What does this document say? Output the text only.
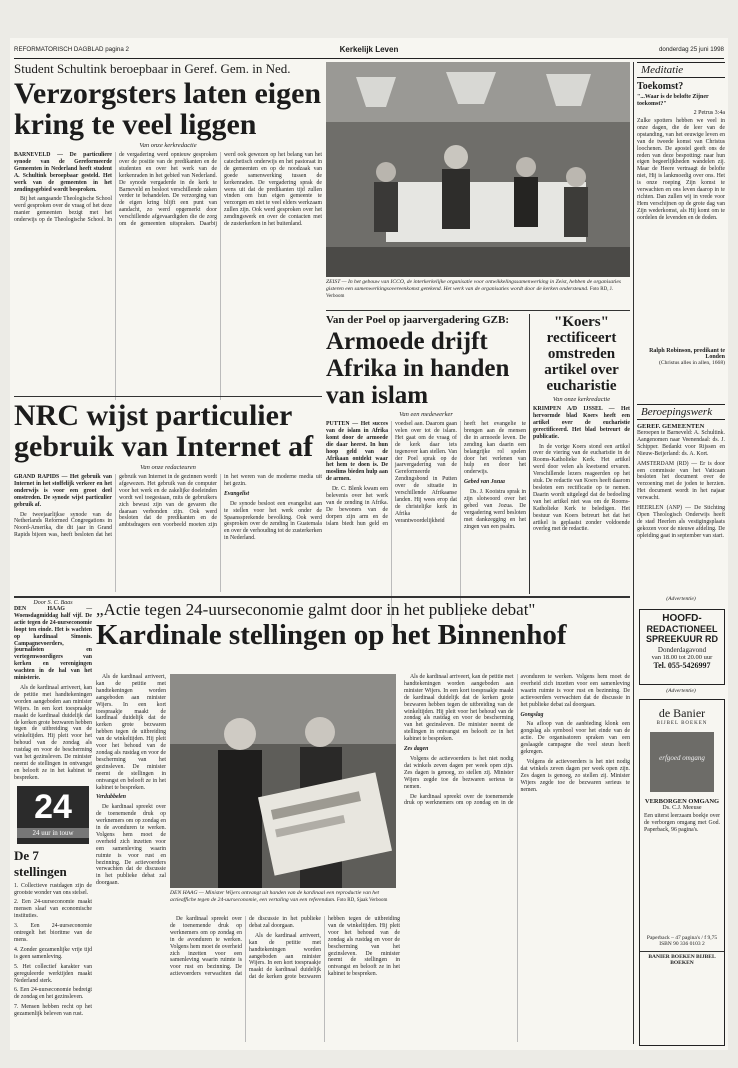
REFORMATORISCH DAGBLAD pagina 2	Kerkelijk Leven	donderdag 25 juni 1998
Student Schultink beroepbaar in Geref. Gem. in Ned.
Verzorgsters laten eigen kring te veel liggen
Van onze kerkredactie

BARNEVELD — De particuliere synode van de Gereformeerde Gemeenten in Nederland heeft student A. Schultink beroepbaar gesteld. Het werk van de gemeenten in het zendingsgebied wordt besproken.

Bij het aangaande Theologische School werd gesproken over de vraag of het deze manier gemeenten bezigt met het onderwijs op de Theologische School. In de vergadering werd opnieuw gesproken over de positie van de predikanten en de studenten en over het werk van de kerkenraden in het gebied van Nederland. De synode vergaderde in de kerk te Barneveld en besloot verschillende zaken verder te behandelen. De verzorging van de eigen kring blijft een punt van aandacht, zo werd opgemerkt door verschillende afgevaardigden die de zorg om de gemeenten uitspraken. Daarbij werd ook gewezen op het belang van het catechetisch onderwijs en het pastoraat in de gemeenten en op de noodzaak van goede samenwerking tussen de kerkenraden. De vergadering sprak de wens uit dat de predikanten tijd zullen vinden om hun eigen gemeente te verzorgen en niet te veel elders werkzaam zullen zijn. Ook werd gesproken over het zendingswerk en over de contacten met de zusterkerken in het buitenland.

ZEIST — In het gebouw van ICCO, de interkerkelijke organisatie voor ontwikkelingssamenwerking in Zeist, hebben de organisaties gisteren een samenwerkingsovereenkomst getekend. Het werk van de organisaties wordt door de kerken ondersteund. Foto RD, J. Verboom
Van der Poel op jaarvergadering GZB:
Armoede drijft Afrika in handen van islam
Van een medewerker

PUTTEN — Het succes van de islam in Afrika komt door de armoede die daar heerst. In hun hoop geld van de Afrikaan ontdekt waar het hem te doen is. De moslims bieden hulp aan de armen.

Dr. C. Blenk kwam een belevenis over het werk van de zending in Afrika. De bewoners van de dorpen zijn arm en de islam biedt hun geld en voedsel aan. Daarom gaan velen over tot de islam. Het gaat om de vraag of de kerk daar iets tegenover kan stellen. Van der Poel sprak op de jaarvergadering van de Gereformeerde Zendingsbond in Putten over de situatie in verschillende Afrikaanse landen. Hij wees erop dat de christelijke kerk in Afrika de verantwoordelijkheid heeft het evangelie te brengen aan de mensen die in armoede leven. De zending kan daarin een belangrijke rol spelen door het verlenen van hulp en door het onderwijs.

Gebed van Jozua

Ds. J. Kooistra sprak in zijn slotwoord over het gebed van Jozua. De vergadering werd besloten met dankzegging en het zingen van een psalm.

"Koers" rectificeert omstreden artikel over eucharistie
Van onze kerkredactie

KRIMPEN A/D IJSSEL — Het hervormde blad Koers heeft een artikel over de eucharistie gerectificeerd. Het blad betreurt de publicatie.

In de vorige Koers stond een artikel over de viering van de eucharistie in de Rooms-Katholieke Kerk. Het artikel werd door velen als kwetsend ervaren. Verschillende lezers reageerden op het stuk. De redactie van Koers heeft daarom besloten een rectificatie op te nemen. Daarin wordt uitgelegd dat de bedoeling van het artikel niet was om de Rooms-Katholieke Kerk te beledigen. Het bestuur van Koers betreurt het dat het artikel is geplaatst zonder voldoende overleg met de redactie.

NRC wijst particulier gebruik van Internet af
Van onze redacteuren

GRAND RAPIDS — Het gebruik van Internet in het stoffelijk verkeer en het onderwijs is voor een groot deel omstreden. De synode wijst particulier gebruik af.

De tweejaarlijkse synode van de Netherlands Reformed Congregations in Noord-Amerika, die dit jaar in Grand Rapids bijeen was, heeft besloten dat het gebruik van Internet in de gezinnen wordt afgewezen. Het gebruik van de computer voor het werk en de zakelijke doeleinden wordt wel toegestaan, mits de gebruikers zich bewust zijn van de gevaren die daaraan verbonden zijn. Ook werd besloten dat de predikanten en de ambtsdragers een voorbeeld moeten zijn in het weren van de moderne media uit het gezin.

Evangelist

De synode besloot een evangelist aan te stellen voor het werk onder de Spaanssprekende bevolking. Ook werd gesproken over de zending in Guatemala en over de verhouding tot de zusterkerken in Nederland.

Door S. C. Baas

DEN HAAG — Woensdagmiddag half vijf. De actie tegen de 24-uurseconomie loopt ten einde. Het is wachten op kardinaal Simonis. Campagnevoerders, journalisten en vertegenwoordigers van kerken en verenigingen wachten in de hal van het ministerie.

Als de kardinaal arriveert, kan de petitie met handtekeningen worden aangeboden aan minister Wijers. In een kort toespraakje maakt de kardinaal duidelijk dat de kerken grote bezwaren hebben tegen de uitbreiding van de winkeltijden. Hij pleit voor het behoud van de zondag als rustdag en voor de bescherming van het gezinsleven. De minister neemt de stellingen in ontvangst en belooft ze in het kabinet te bespreken.

24
24 uur in touw
De 7 stellingen

1. Collectieve rustdagen zijn de grootste wonder van ons stelsel.

2. Een 24-uurseconomie maakt mensen slaaf van economische instituties.

3. Een 24-uurseconomie ontregelt het bioritme van de mens.

4. Zonder gezamenlijke vrije tijd is geen samenleving.

5. Het collectief karakter van gereguleerde werktijden maakt Nederland sterk.

6. Een 24-uurseconomie bedreigt de zondag en het gezinsleven.

7. Mensen hebben recht op het gezamenlijk beleven van rust.

„Actie tegen 24-uurseconomie galmt door in het publieke debat"
Kardinale stellingen op het Binnenhof

Als de kardinaal arriveert, kan de petitie met handtekeningen worden aangeboden aan minister Wijers. In een kort toespraakje maakt de kardinaal duidelijk dat de kerken grote bezwaren hebben tegen de uitbreiding van de winkeltijden. Hij pleit voor het behoud van de zondag als rustdag en voor de bescherming van het gezinsleven. De minister neemt de stellingen in ontvangst en belooft ze in het kabinet te bespreken.

Verdubbelen

De kardinaal spreekt over de toenemende druk op werknemers om op zondag en in de avonduren te werken. Volgens hem moet de overheid zich inzetten voor een samenleving waarin ruimte is voor rust en bezinning. De actievoerders verwachten dat de discussie in het publieke debat zal doorgaan.

DEN HAAG — Minister Wijers ontvangt uit handen van de kardinaal een reproductie van het actieaffiche tegen de 24-uurseconomie, een vertaling van een referendum. Foto RD, Sjaak Verboom

De kardinaal spreekt over de toenemende druk op werknemers om op zondag en in de avonduren te werken. Volgens hem moet de overheid zich inzetten voor een samenleving waarin ruimte is voor rust en bezinning. De actievoerders verwachten dat de discussie in het publieke debat zal doorgaan.

Als de kardinaal arriveert, kan de petitie met handtekeningen worden aangeboden aan minister Wijers. In een kort toespraakje maakt de kardinaal duidelijk dat de kerken grote bezwaren hebben tegen de uitbreiding van de winkeltijden. Hij pleit voor het behoud van de zondag als rustdag en voor de bescherming van het gezinsleven. De minister neemt de stellingen in ontvangst en belooft ze in het kabinet te bespreken.

Als de kardinaal arriveert, kan de petitie met handtekeningen worden aangeboden aan minister Wijers. In een kort toespraakje maakt de kardinaal duidelijk dat de kerken grote bezwaren hebben tegen de uitbreiding van de winkeltijden. Hij pleit voor het behoud van de zondag als rustdag en voor de bescherming van het gezinsleven. De minister neemt de stellingen in ontvangst en belooft ze in het kabinet te bespreken.

Zes dagen

Volgens de actievoerders is het niet nodig dat winkels zeven dagen per week open zijn. Zes dagen is genoeg, zo stellen zij. Minister Wijers zegde toe de bezwaren serieus te nemen.

De kardinaal spreekt over de toenemende druk op werknemers om op zondag en in de avonduren te werken. Volgens hem moet de overheid zich inzetten voor een samenleving waarin ruimte is voor rust en bezinning. De actievoerders verwachten dat de discussie in het publieke debat zal doorgaan.

Gongslag

Na afloop van de aanbieding klonk een gongslag als symbool voor het einde van de actie. De organisatoren spraken van een geslaagde campagne die veel steun heeft gekregen.

Volgens de actievoerders is het niet nodig dat winkels zeven dagen per week open zijn. Zes dagen is genoeg, zo stellen zij. Minister Wijers zegde toe de bezwaren serieus te nemen.

Meditatie
Toekomst?
"...Waar is de belofte Zijner toekomst?"
2 Petrus 3:4a
Zulke spotters hebben we veel in onze dagen, die de leer van de opstanding, van het eeuwige leven en van de tweede komst van Christus loochenen. De apostel geeft ons de reden van deze bespotting: naar hun eigen begeerlijkheden wandelen zij. Maar de Heere vertraagt de belofte niet, Hij is lankmoedig over ons. Het is onze roeping Zijn komst te verwachten en ons leven daarop in te richten. Dan zullen wij in vrede voor Hem verschijnen op de grote dag van Zijn wederkomst, als Hij komt om te oordelen de levenden en de doden.
Ralph Robinson, predikant te Londen
(Christus alles in allen, 1668)
Beroepingswerk
GEREF. GEMEENTEN

Beroepen te Barneveld: A. Schultink. Aangenomen naar Veenendaal: ds. J. Schipper. Bedankt voor Rijssen en Nieuw-Beijerland: ds. A. Kort.

AMSTERDAM (RD) — Er is door een commissie van het Vaticaan besloten het document over de verzoening met de joden te herzien. Het document wordt in het najaar verwacht.

HEERLEN (ANP) — De Stichting Open Theologisch Onderwijs heeft de stad Heerlen als vestigingsplaats gekozen voor de nieuwe afdeling. De opleiding gaat in september van start.

(Advertentie)
HOOFD-
REDACTIONEEL
SPREEKUUR RD
Donderdagavond
van 18.00 tot 20.00 uur
Tel. 055-5426997
(Advertentie)
de Banier
BIJBEL BOEKEN
erfgoed omgang
VERBORGEN OMGANG
Ds. C.J. Meeuse
Een uiterst leerzaam boekje over de verborgen omgang met God. Paperback, 96 pagina's.
Paperback – 47 pagina's / f 9,75
ISBN 90 336 0103 2
BANIER BOEKEN BIJBEL BOEKEN
